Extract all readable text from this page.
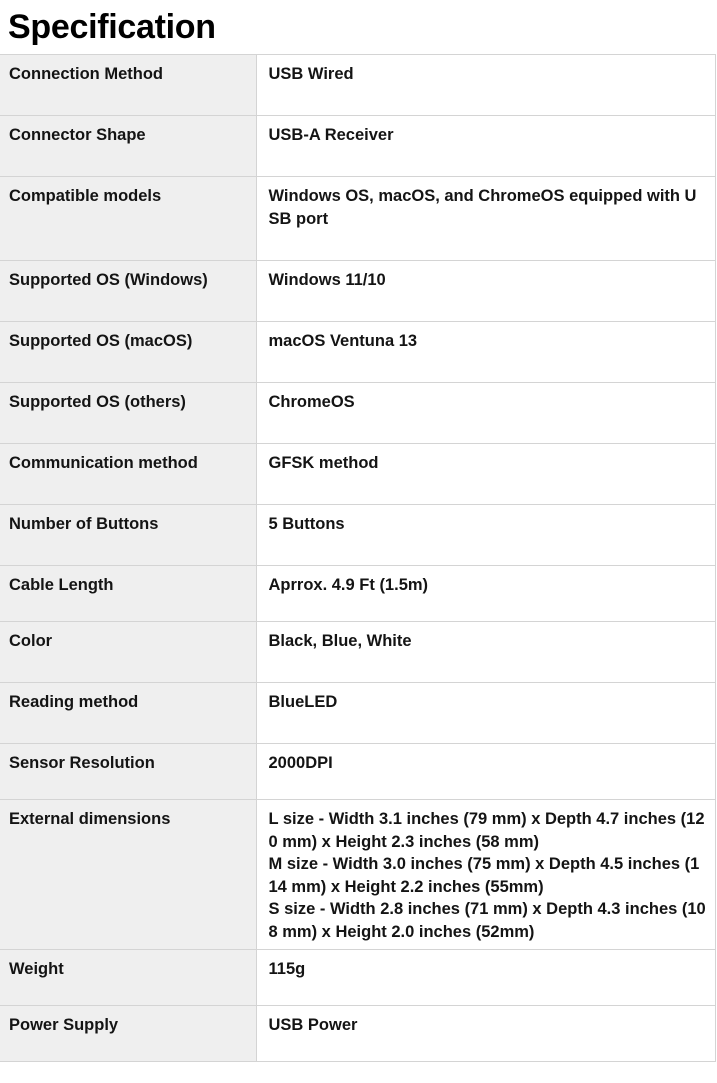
Specification
Connection Method	USB Wired

Connector Shape	USB-A Receiver

Compatible models	Windows OS, macOS, and ChromeOS equipped with USB port

Supported OS (Windows)	Windows 11/10

Supported OS (macOS)	macOS Ventuna 13

Supported OS (others)	ChromeOS

Communication method	GFSK method

Number of Buttons	5 Buttons

Cable Length	Aprrox. 4.9 Ft (1.5m)

Color	Black, Blue, White

Reading method	BlueLED

Sensor Resolution	2000DPI

External dimensions	L size - Width 3.1 inches (79 mm) x Depth 4.7 inches (120 mm) x Height 2.3 inches (58 mm)
M size - Width 3.0 inches (75 mm) x Depth 4.5 inches (114 mm) x Height 2.2 inches (55mm)
S size - Width 2.8 inches (71 mm) x Depth 4.3 inches (108 mm) x Height 2.0 inches (52mm)

Weight	115g

Power Supply	USB Power
